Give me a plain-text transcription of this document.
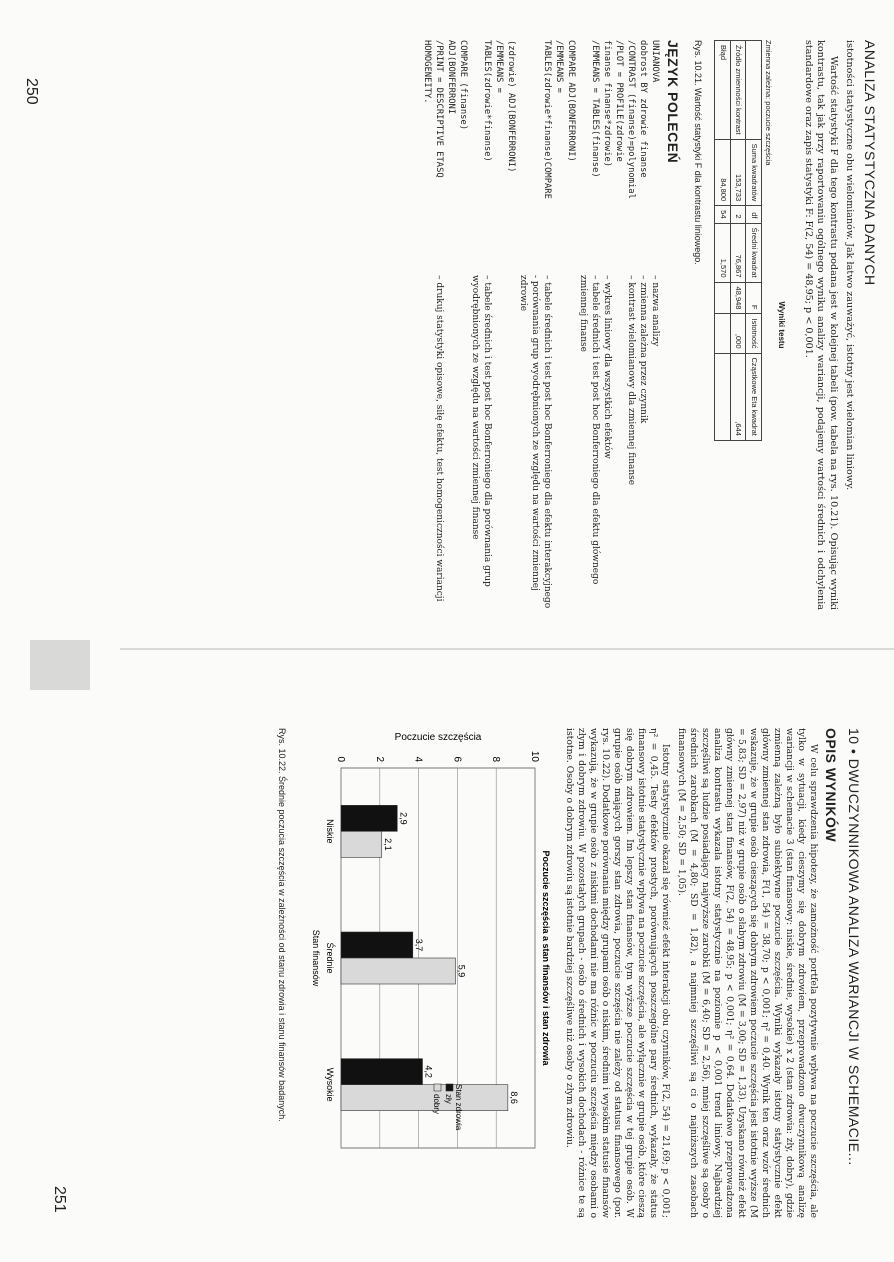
250
251
ANALIZA STATYSTYCZNA DANYCH

istotności statystyczne obu wielomianów. Jak łatwo zauważyć, istotny jest wielomian liniowy.

Wartość statystyki F dla tego kontrastu podana jest w kolejnej tabeli (pow. tabela na rys. 10.21). Opisując wyniki kontrastu, tak jak przy raportowaniu ogólnego wyniku analizy wariancji, podajemy wartości średnich i odchylenia standardowe oraz zapis statystyki F: F(2, 54) = 48,95; p < 0,001.

Wyniki testu
Zmienna zależna: poczucie szczęścia
	Suma kwadratów	df	Średni kwadrat	F	Istotność	Cząstkowe Eta kwadrat
Źródło zmienności kontrast	153,733	2	76,867	48,948	,000	,644
Błąd	84,800	54	1,570			
Rys. 10.21. Wartość statystyki F dla kontrastu liniowego.
JĘZYK POLECEŃ
UNIANOVA
– nazwa analizy
dobrost BY zdrowie finanse
– zmienna zależna przez czynnik
/CONTRAST (finanse)=polynomial
– kontrast wielomianowy dla zmiennej finanse
/PLOT = PROFILE(zdrowie
finanse finanse*zdrowie)
– wykres liniowy dla wszystkich efektów
/EMMEANS = TABLES(finanse)
– tabele średnich i test post hoc Bonferroniego dla efektu głównego zmiennej finanse
COMPARE ADJ(BONFERRONI)
/EMMEANS =
TABLES(zdrowie*finanse)COMPARE
– tabele średnich i test post hoc Bonferroniego dla efektu interakcyjnego - porównania grup wyodrębnionych ze względu na wartości zmiennej zdrowie
(zdrowie) ADJ(BONFERRONI)
/EMMEANS =
TABLES(zdrowie*finanse)
– tabele średnich i test post hoc Bonferroniego dla porównania grup wyodrębnionych ze względu na wartości zmiennej finanse
COMPARE (finanse)
ADJ(BONFERRONI
/PRINT = DESCRIPTIVE ETASQ
– drukuj statystyki opisowe, siłę efektu, test homogeniczności wariancji
HOMOGENEITY.
10 • DWUCZYNNIKOWA ANALIZA WARIANCJI W SCHEMACIE...
OPIS WYNIKÓW

W celu sprawdzenia hipotezy, że zamożność portfela pozytywnie wpływa na poczucie szczęścia, ale tylko w sytuacji, kiedy cieszymy się dobrym zdrowiem, przeprowadzono dwuczynnikową analizę wariancji w schemacie 3 (stan finansowy: niskie, średnie, wysokie) x 2 (stan zdrowia: zły, dobry), gdzie zmienną zależną było subiektywne poczucie szczęścia. Wyniki wykazały istotny statystycznie efekt główny zmiennej stan zdrowia, F(1, 54) = 38,70; p < 0,001; η² = 0,40. Wynik ten oraz wzór średnich wskazuje, że w grupie osób cieszących się dobrym zdrowiem poczucie szczęścia jest istotnie wyższe (M = 5,83; SD = 2,97) niż w grupie osób o słabym zdrowiu (M = 3,00; SD = 1,33). Uzyskano również efekt główny zmiennej stan finansów, F(2, 54) = 48,95; p < 0,001; η² = 0,64. Dodatkowo przeprowadzona analiza kontrastu wykazała istotny statystycznie na poziomie p < 0,001 trend liniowy. Najbardziej szczęśliwi są ludzie posiadający najwyższe zarobki (M = 6,40; SD = 2,56), mniej szczęśliwe są osoby o średnich zarobkach (M = 4,80; SD = 1,82), a najmniej szczęśliwi są ci o najniższych zasobach finansowych (M = 2,50; SD = 1,05).

Istotny statystycznie okazał się również efekt interakcji obu czynników, F(2, 54) = 21,69; p < 0,001; η² = 0,45. Testy efektów prostych, porównujących poszczególne pary średnich, wykazały, że status finansowy istotnie statystycznie wpływa na poczucie szczęścia, ale wyłącznie w grupie osób, które cieszą się dobrym zdrowiem. Im lepszy stan finansów, tym wyższe poczucie szczęścia w tej grupie osób. W grupie osób mających gorszy stan zdrowia, poczucie szczęścia nie zależy od statusu finansowego (por. rys. 10.22). Dodatkowe porównania między grupami osób o niskim, średnim i wysokim statusie finansów wykazują, że w grupie osób z niskimi dochodami nie ma różnic w poczuciu szczęścia między osobami o złym i dobrym zdrowiu. W pozostałych grupach - osób o średnich i wysokich dochodach - różnice te są istotne. Osoby o dobrym zdrowiu są istotnie bardziej szczęśliwe niż osoby o złym zdrowiu.

Poczucie szczęścia a stan finansów i stan zdrowia
0	2	4	6	8	10
Poczucie szczęścia
2,9
2,1
Niskie
3,7
5,9
Średnie
4,2
8,6
Wysokie
Stan finansów
Stan zdrowia
zły
dobry
Rys. 10.22. Średnie poczucia szczęścia w zależności od stanu zdrowia i stanu finansów badanych.
